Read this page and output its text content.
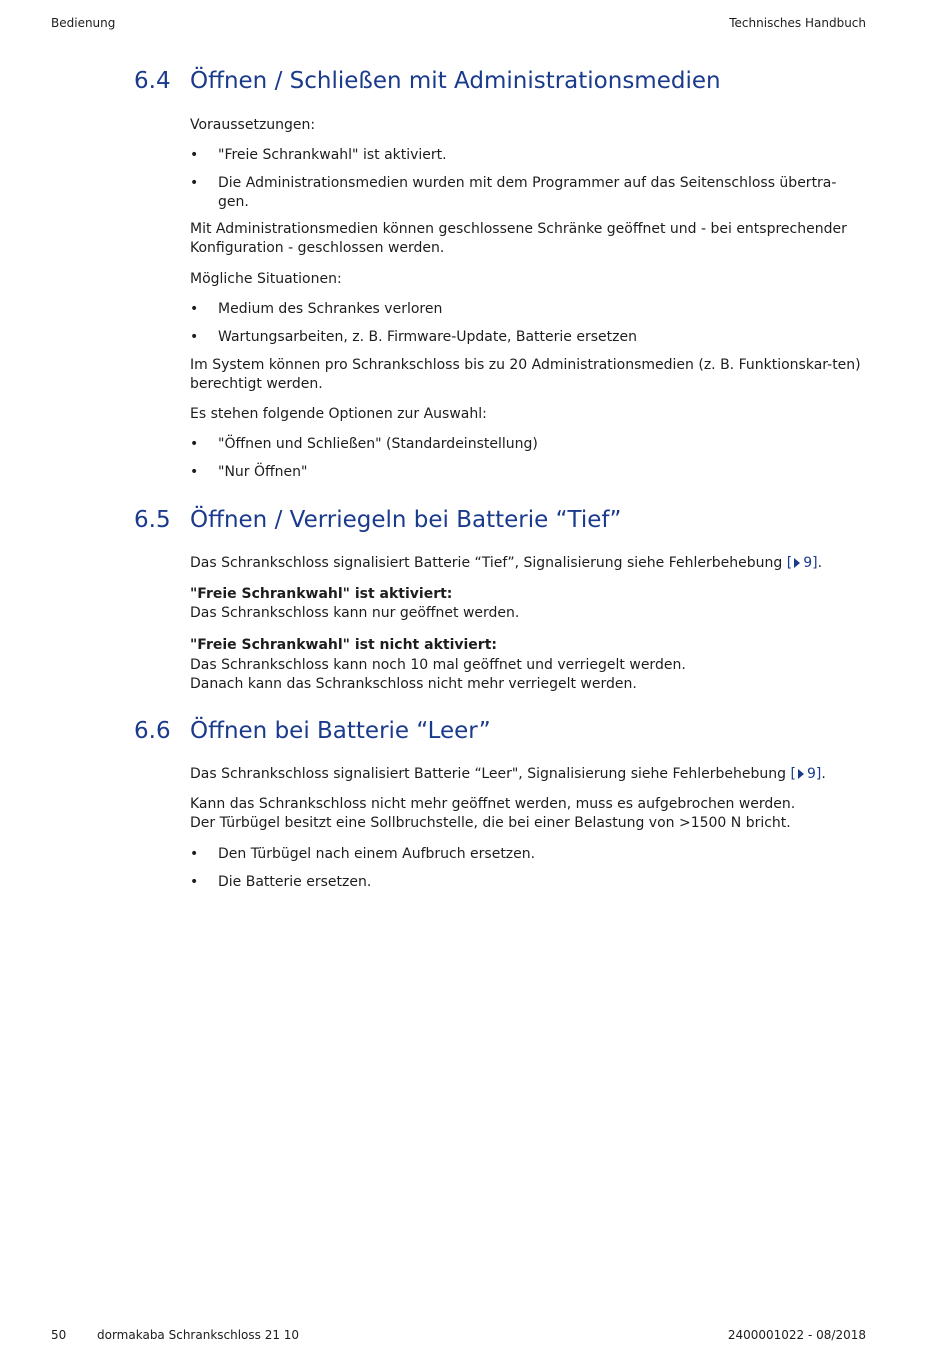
Bedienung	Technisches Handbuch
6.4 Öffnen / Schließen mit Administrationsmedien
Voraussetzungen:
• "Freie Schrankwahl" ist aktiviert.
• Die Administrationsmedien wurden mit dem Programmer auf das Seitenschloss übertra-gen.
Mit Administrationsmedien können geschlossene Schränke geöffnet und - bei entsprechender Konfiguration - geschlossen werden.
Mögliche Situationen:
• Medium des Schrankes verloren
• Wartungsarbeiten, z. B. Firmware-Update, Batterie ersetzen
Im System können pro Schrankschloss bis zu 20 Administrationsmedien (z. B. Funktionskar-ten) berechtigt werden.
Es stehen folgende Optionen zur Auswahl:
• "Öffnen und Schließen" (Standardeinstellung)
• "Nur Öffnen"
6.5 Öffnen / Verriegeln bei Batterie “Tief”
Das Schrankschloss signalisiert Batterie “Tief”, Signalisierung siehe Fehlerbehebung [ 9].
"Freie Schrankwahl" ist aktiviert:
Das Schrankschloss kann nur geöffnet werden.
"Freie Schrankwahl" ist nicht aktiviert:
Das Schrankschloss kann noch 10 mal geöffnet und verriegelt werden.
Danach kann das Schrankschloss nicht mehr verriegelt werden.
6.6 Öffnen bei Batterie “Leer”
Das Schrankschloss signalisiert Batterie “Leer", Signalisierung siehe Fehlerbehebung [ 9].
Kann das Schrankschloss nicht mehr geöffnet werden, muss es aufgebrochen werden.
Der Türbügel besitzt eine Sollbruchstelle, die bei einer Belastung von >1500 N bricht.
• Den Türbügel nach einem Aufbruch ersetzen.
• Die Batterie ersetzen.
50	dormakaba Schrankschloss 21 10	2400001022 - 08/2018
